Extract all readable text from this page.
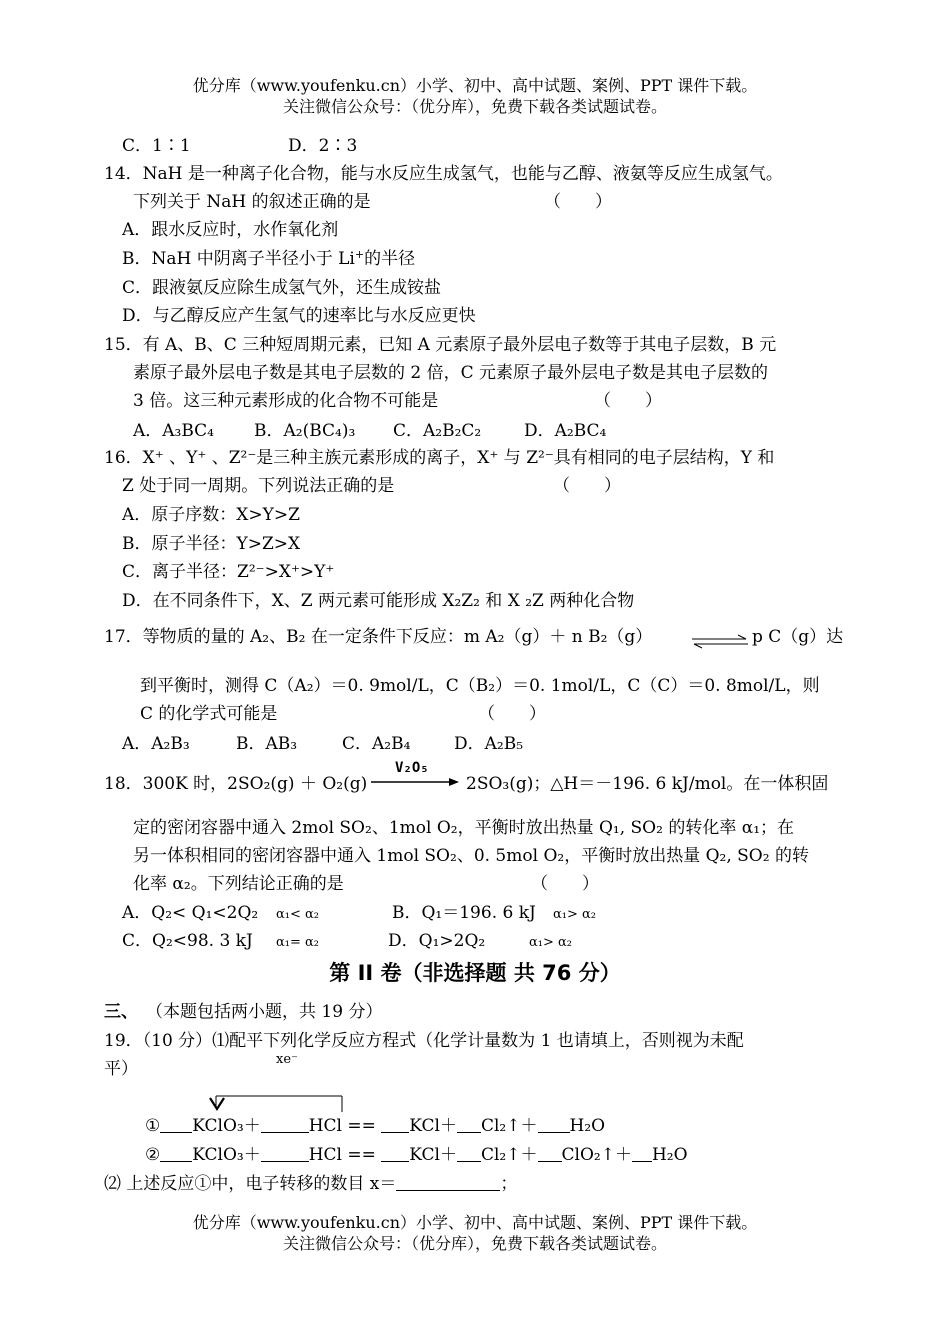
优分库（www.youfenku.cn）小学、初中、高中试题、案例、PPT 课件下载。
关注微信公众号：（优分库），免费下载各类试题试卷。
C．1∶1	D．2∶3
14．NaH 是一种离子化合物，能与水反应生成氢气，也能与乙醇、液氨等反应生成氢气。
下列关于 NaH 的叙述正确的是	（　　）
A．跟水反应时，水作氧化剂
B．NaH 中阴离子半径小于 Li+的半径
C．跟液氨反应除生成氢气外，还生成铵盐
D．与乙醇反应产生氢气的速率比与水反应更快
15．有 A、B、C 三种短周期元素，已知 A 元素原子最外层电子数等于其电子层数，B 元
素原子最外层电子数是其电子层数的 2 倍，C 元素原子最外层电子数是其电子层数的
3 倍。这三种元素形成的化合物不可能是	（　　）
A．A₃BC₄ B．A₂(BC₄)₃ C．A₂B₂C₂	D．A₂BC₄
16．X⁺ 、Y⁺ 、Z²⁻是三种主族元素形成的离子，X⁺ 与 Z²⁻具有相同的电子层结构，Y 和
Z 处于同一周期。下列说法正确的是	（　　）
A．原子序数：X>Y>Z
B．原子半径：Y>Z>X
C．离子半径：Z²⁻>X⁺>Y⁺
D．在不同条件下，X、Z 两元素可能形成 X₂Z₂ 和 X ₂Z 两种化合物
17．等物质的量的 A₂、B₂ 在一定条件下反应：m A₂（g）＋ n B₂（g） ⇌ p C（g）达
到平衡时，测得 C（A₂）＝0. 9mol/L，C（B₂）＝0. 1mol/L，C（C）＝0. 8mol/L，则
C 的化学式可能是	（　　）
A．A₂B₃	B．AB₃	C．A₂B₄	D．A₂B₅
18．300K 时，2SO₂(g) ＋ O₂(g)
V₂O₅
2SO₃(g)；△H＝－196. 6 kJ/mol。在一体积固
定的密闭容器中通入 2mol SO₂、1mol O₂，平衡时放出热量 Q₁, SO₂ 的转化率 α₁；在
另一体积相同的密闭容器中通入 1mol SO₂、0. 5mol O₂，平衡时放出热量 Q₂, SO₂ 的转
化率 α₂。下列结论正确的是	（　　）
A．Q₂< Q₁<2Q₂ α₁< α₂	B．Q₁＝196. 6 kJ α₁> α₂
C．Q₂<98. 3 kJ α₁= α₂	D．Q₁>2Q₂	α₁> α₂
第 II 卷（非选择题 共 76 分）
三、 （本题包括两小题，共 19 分）
19．（10 分）⑴配平下列化学反应方程式（化学计量数为 1 也请填上，否则视为未配
xe⁻
平）
① KClO₃＋	HCl == KCl＋ Cl₂↑＋ H₂O
② KClO₃＋	HCl == KCl＋ Cl₂↑＋ ClO₂↑＋ H₂O
⑵ 上述反应①中，电子转移的数目 x＝	；
优分库（www.youfenku.cn）小学、初中、高中试题、案例、PPT 课件下载。
关注微信公众号：（优分库），免费下载各类试题试卷。
